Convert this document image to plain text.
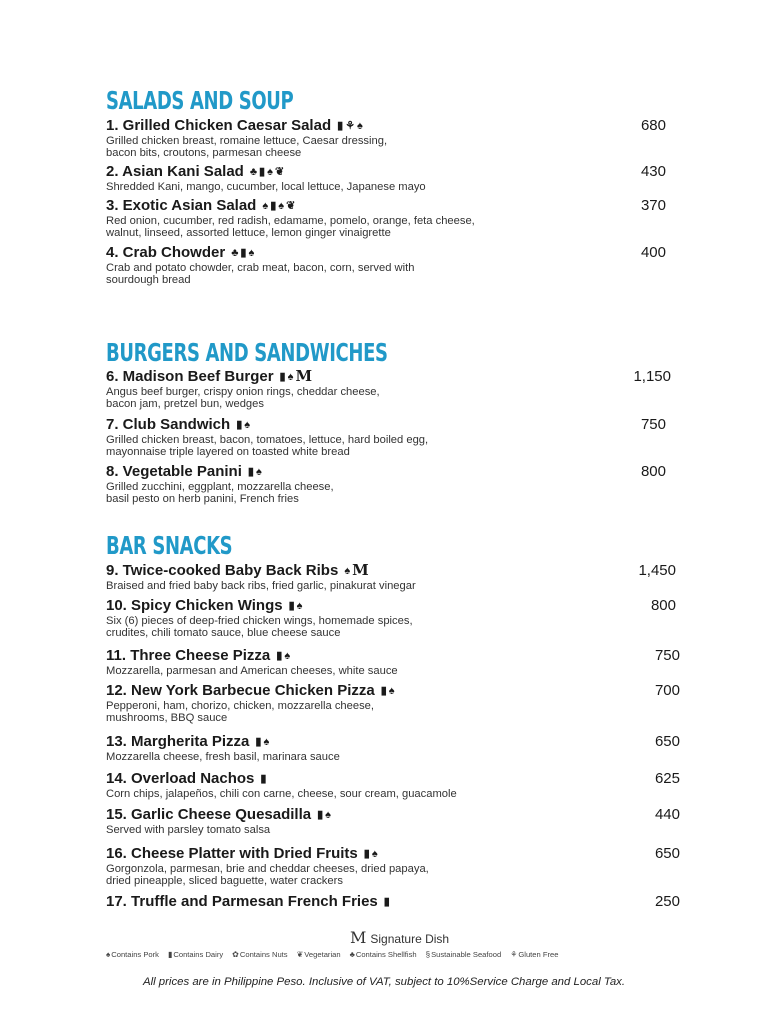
SALADS AND SOUP
BURGERS AND SANDWICHES
BAR SNACKS
1. Grilled Chicken Caesar Salad ▮⚘♠	680
Grilled chicken breast, romaine lettuce, Caesar dressing,
bacon bits, croutons, parmesan cheese
2. Asian Kani Salad ♣▮♠❦	430
Shredded Kani, mango, cucumber, local lettuce, Japanese mayo
3. Exotic Asian Salad ♠▮♠❦	370
Red onion, cucumber, red radish, edamame, pomelo, orange, feta cheese,
walnut, linseed, assorted lettuce, lemon ginger vinaigrette
4. Crab Chowder ♣▮♠	400
Crab and potato chowder, crab meat, bacon, corn, served with
sourdough bread
6. Madison Beef Burger ▮♠M	1,150
Angus beef burger, crispy onion rings, cheddar cheese,
bacon jam, pretzel bun, wedges
7. Club Sandwich ▮♠	750
Grilled chicken breast, bacon, tomatoes, lettuce, hard boiled egg,
mayonnaise triple layered on toasted white bread
8. Vegetable Panini ▮♠	800
Grilled zucchini, eggplant, mozzarella cheese,
basil pesto on herb panini, French fries
9. Twice-cooked Baby Back Ribs ♠M	1,450
Braised and fried baby back ribs, fried garlic, pinakurat vinegar
10. Spicy Chicken Wings ▮♠	800
Six (6) pieces of deep-fried chicken wings, homemade spices,
crudites, chili tomato sauce, blue cheese sauce
11. Three Cheese Pizza ▮♠	750
Mozzarella, parmesan and American cheeses, white sauce
12. New York Barbecue Chicken Pizza ▮♠	700
Pepperoni, ham, chorizo, chicken, mozzarella cheese,
mushrooms, BBQ sauce
13. Margherita Pizza ▮♠	650
Mozzarella cheese, fresh basil, marinara sauce
14. Overload Nachos ▮	625
Corn chips, jalapeños, chili con carne, cheese, sour cream, guacamole
15. Garlic Cheese Quesadilla ▮♠	440
Served with parsley tomato salsa
16. Cheese Platter with Dried Fruits ▮♠	650
Gorgonzola, parmesan, brie and cheddar cheeses, dried papaya,
dried pineapple, sliced baguette, water crackers
17. Truffle and Parmesan French Fries ▮	250
M Signature Dish
♠Contains Pork ▮Contains Dairy ✿Contains Nuts ❦Vegetarian ♣Contains Shellfish §Sustainable Seafood ⚘Gluten Free
All prices are in Philippine Peso. Inclusive of VAT, subject to 10%Service Charge and Local Tax.
